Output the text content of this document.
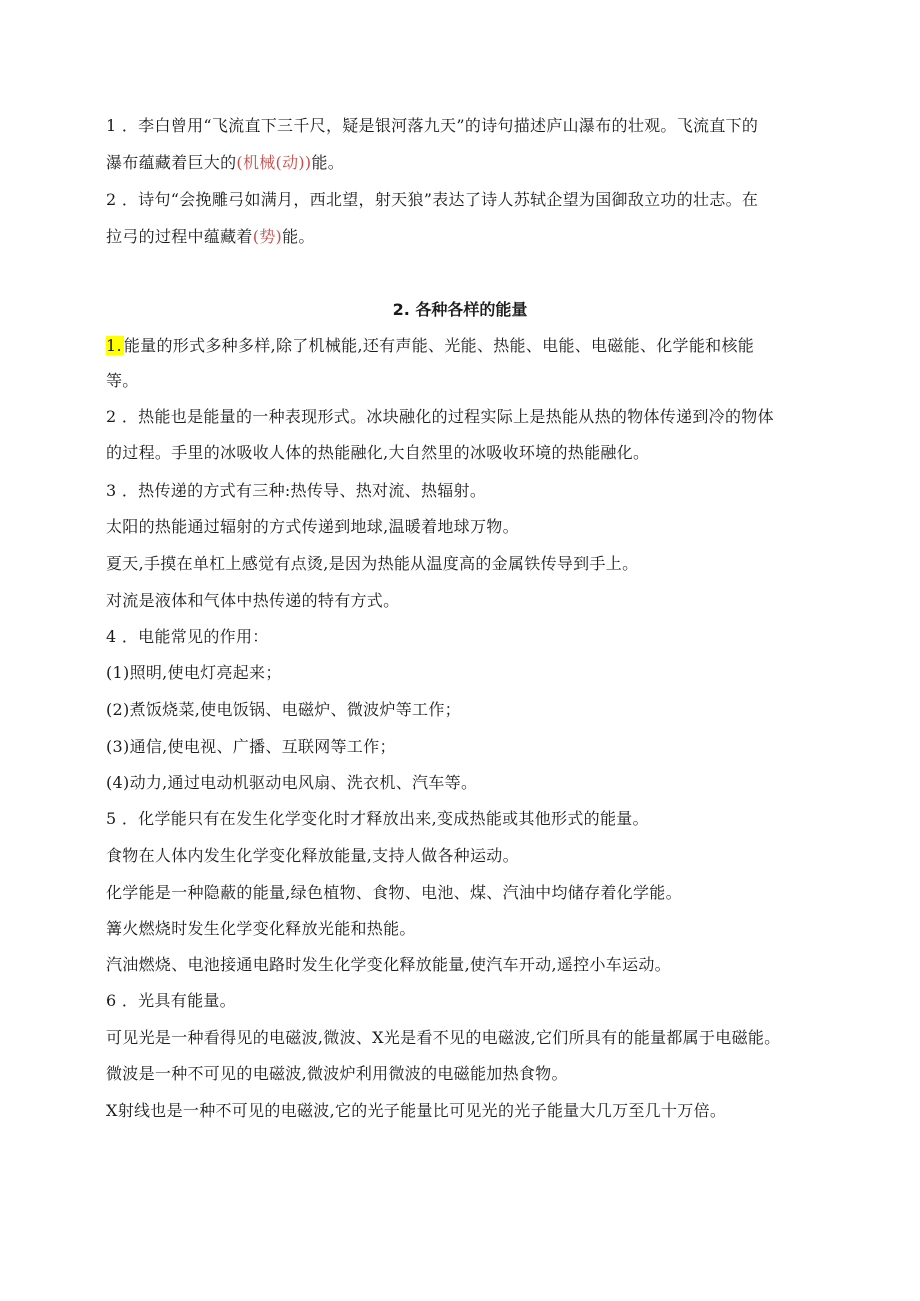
1 ．李白曾用“飞流直下三千尺，疑是银河落九天”的诗句描述庐山瀑布的壮观。飞流直下的
瀑布蕴藏着巨大的(机械(动))能。
2 ．诗句“会挽雕弓如满月，西北望，射天狼”表达了诗人苏轼企望为国御敌立功的壮志。在
拉弓的过程中蕴藏着(势)能。
2. 各种各样的能量
1. 能量的形式多种多样,除了机械能,还有声能、光能、热能、电能、电磁能、化学能和核能
等。
2 ．热能也是能量的一种表现形式。冰块融化的过程实际上是热能从热的物体传递到冷的物体
的过程。手里的冰吸收人体的热能融化,大自然里的冰吸收环境的热能融化。
3 ．热传递的方式有三种:热传导、热对流、热辐射。
太阳的热能通过辐射的方式传递到地球,温暖着地球万物。
夏天,手摸在单杠上感觉有点烫,是因为热能从温度高的金属铁传导到手上。
对流是液体和气体中热传递的特有方式。
4 ．电能常见的作用：
(1)照明,使电灯亮起来；
(2)煮饭烧菜,使电饭锅、电磁炉、微波炉等工作；
(3)通信,使电视、广播、互联网等工作；
(4)动力,通过电动机驱动电风扇、洗衣机、汽车等。
5 ．化学能只有在发生化学变化时才释放出来,变成热能或其他形式的能量。
食物在人体内发生化学变化释放能量,支持人做各种运动。
化学能是一种隐蔽的能量,绿色植物、食物、电池、煤、汽油中均储存着化学能。
篝火燃烧时发生化学变化释放光能和热能。
汽油燃烧、电池接通电路时发生化学变化释放能量,使汽车开动,遥控小车运动。
6 ．光具有能量。
可见光是一种看得见的电磁波,微波、X光是看不见的电磁波,它们所具有的能量都属于电磁能。
微波是一种不可见的电磁波,微波炉利用微波的电磁能加热食物。
X射线也是一种不可见的电磁波,它的光子能量比可见光的光子能量大几万至几十万倍。
